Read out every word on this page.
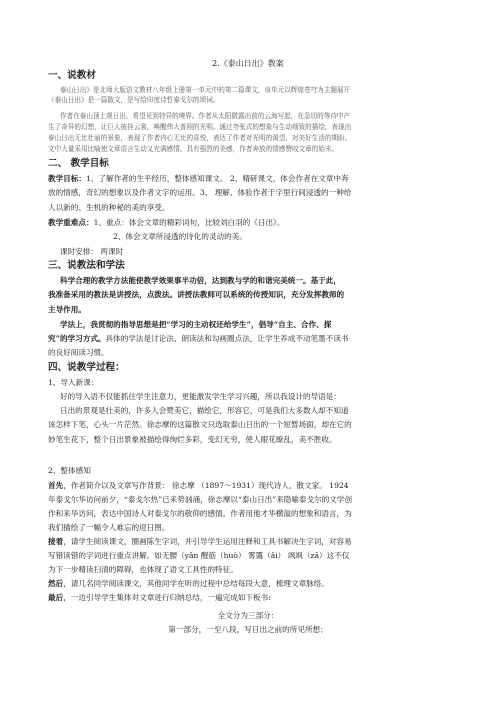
2.《泰山日出》教案
一、说教材
泰山日出》是北师大版语文教材八年级上册第一单元中的第二篇课文，该单元以辉煌苍穹为主题展开
《泰山日出》是一篇散文，是写给印度诗哲泰戈尔的颂词。
作者在泰山顶上观日出，希望见到特异的境界。作者从太阳微露出前的云海写起，在急切的等待中产
生了奇异的幻想，让巨人披挂云裳，唤醒伟大普照的光明。通过夸张式的想象与生动细致的描绘，表现出
泰山日出无比壮丽的景象，表现了作者内心无比的喜悦，表达了作者对光明的渴望，对美好生活的期盼。
文中大量采用比喻使文章语言生动又充满感情。具有强烈的美感，作者奔放的情感赞叹文章的始末。
二、 教学目标
教学目标：1、了解作者的生平经历，整体感知课文。 2、精研课文，体会作者在文章中奔
放的情感，奇幻的想象以及作者文字的运用。3、 理解、体验作者于字里行间浸透的一种给
人以新的、生机的种秘的美的享受。
教学重难点：1、重点：体会文章的精彩词句，比较刘白羽的《日出》。
2、体会文章所浸透的诗化的灵动的美。
课时安排： 两课时
三、说教法和学法
科学合理的教学方法能使教学效果事半功倍，达到教与学的和谐完美统一。基于此，
我准备采用的教法是讲授法，点拨法。讲授法教师可以系统的传授知识，充分发挥教师的
主导作用。
学法上，我贯彻的指导思想是把“学习的主动权还给学生”，倡导“自主、合作、探
究”的学习方式。具体的学法是讨论法、朗读法和勾画圈点法，让学生养成不动笔墨不读书
的良好阅读习惯。
四、说教学过程：
1、导入新课：
好的导入语不仅能抓住学生注意力，更能激发学生学习兴趣，所以我设计的导语是：
日出的景观是壮美的，许多人会赞美它，描绘它，形容它，可是我们大多数人却不知道
该怎样下笔，心头一片茫然。徐志摩的这篇散文只选取泰山日出的一个短暂场面，却在它的
妙笔生花下，整个日出景象被描绘得绚烂多彩，变幻无穷，使人眼花缭乱，美不胜收。
2、整体感知
首先，作者简介以及文章写作背景： 徐志摩 （1897～1931）现代诗人、散文家。 1924
年泰戈尔华访问前夕，“泰戈尔热”已来势汹涌，徐志摩以“泰山日出”来隐喻泰戈尔的文学创
作和来华访问，表达中国诗人对泰戈尔的敬仰的感情。作者用他才华横溢的想象和语言，为
我们描绘了一幅令人难忘的迎日图。
接着，请学生阅读课文，圈画陈生字词，并引导学生运用注释和工具书解决生字词，对容易
写错读错的字词进行重点讲解。如无腰（yǎn 醒筋（huò） 雾霭（ǎi） 飒飒（zā）这不仅
为下一步精读扫清的障碍，也体现了语文工具性的特征。
然后，请几名同学阅读课文，其他同学在听的过程中总结每段大意，梳理文章脉络。
最后，一边引导学生集体对文章进行归纳总结，一遍完成如下板书:
全文分为三部分：
第一部分，一至八段，写日出之前的所见所想；
